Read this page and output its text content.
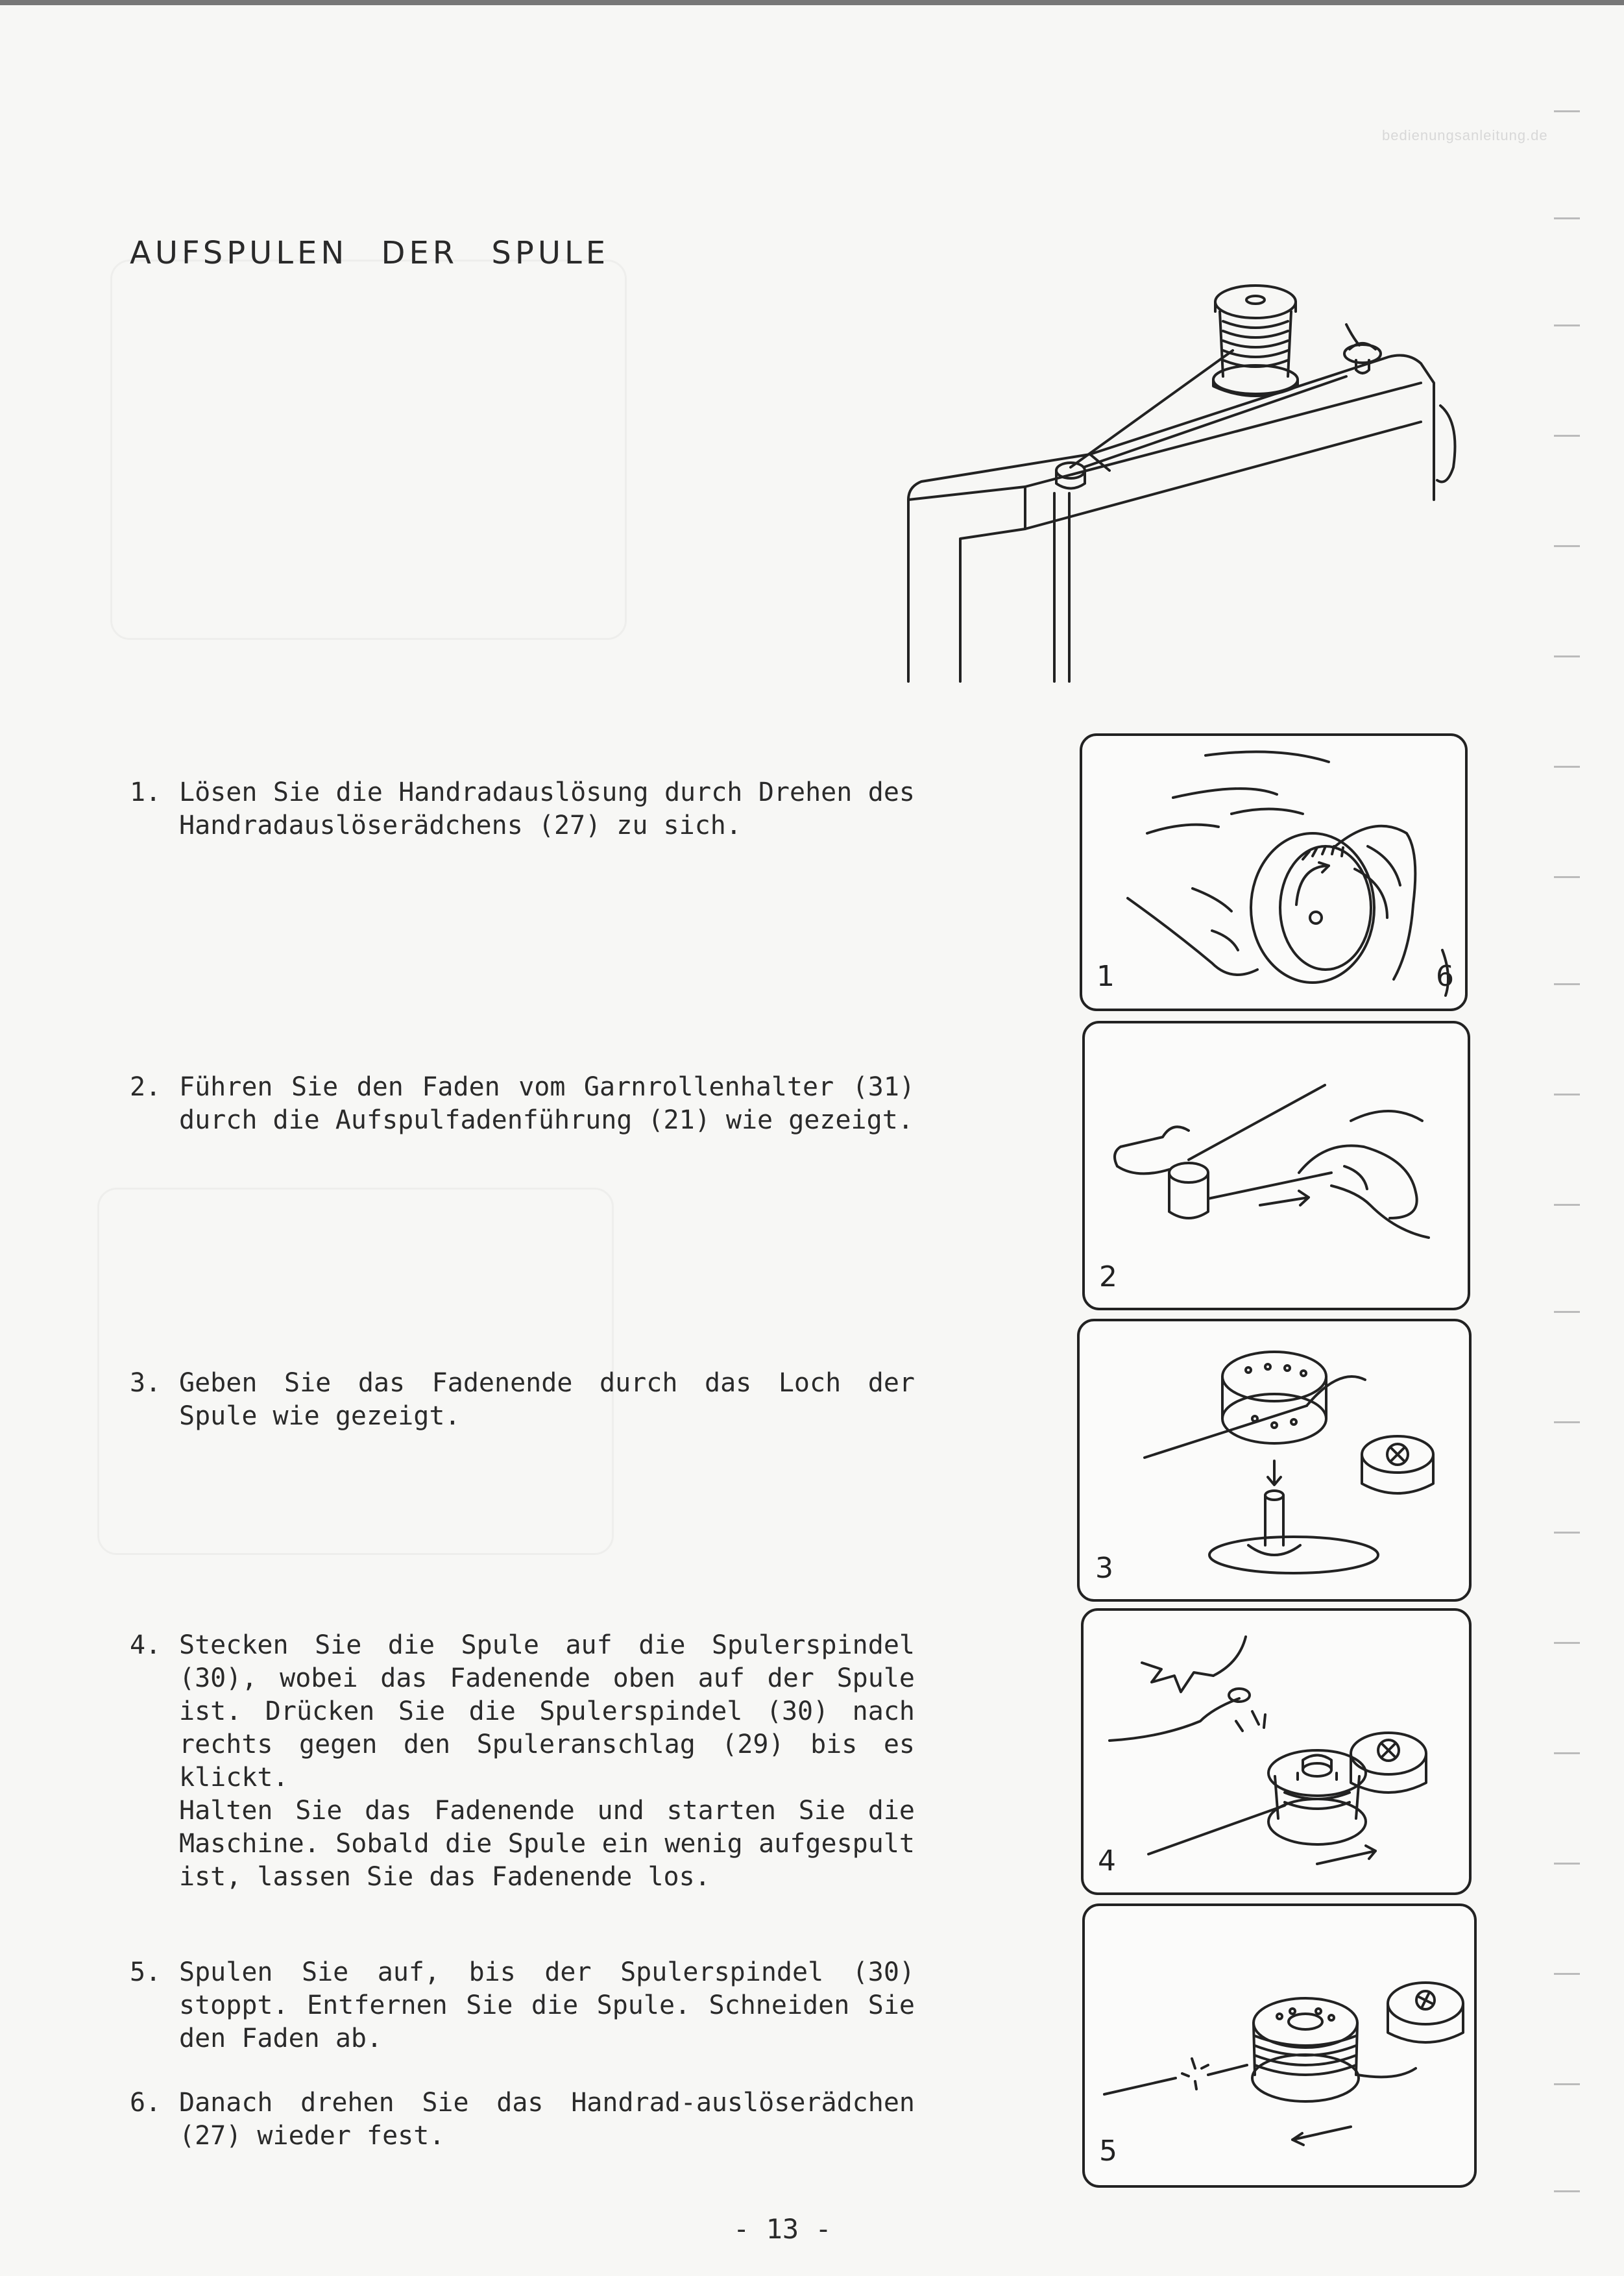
bedienungsanleitung.de
AUFSPULEN DER SPULE
1. Lösen Sie die Handradauslösung durch Drehen des Handradauslöserädchens (27) zu sich.
2. Führen Sie den Faden vom Garnrollenhalter (31) durch die Aufspulfadenführung (21) wie gezeigt.
3. Geben Sie das Fadenende durch das Loch der Spule wie gezeigt.
4. Stecken Sie die Spule auf die Spulerspindel (30), wobei das Fadenende oben auf der Spule ist. Drücken Sie die Spulerspindel (30) nach rechts gegen den Spuleranschlag (29) bis es klickt.
Halten Sie das Fadenende und starten Sie die Maschine. Sobald die Spule ein wenig aufgespult ist, lassen Sie das Fadenende los.
5. Spulen Sie auf, bis der Spulerspindel (30) stoppt. Entfernen Sie die Spule. Schneiden Sie den Faden ab.
6. Danach drehen Sie das Handrad-auslöserädchen (27) wieder fest.
1	6
2
3
4
5
- 13 -
